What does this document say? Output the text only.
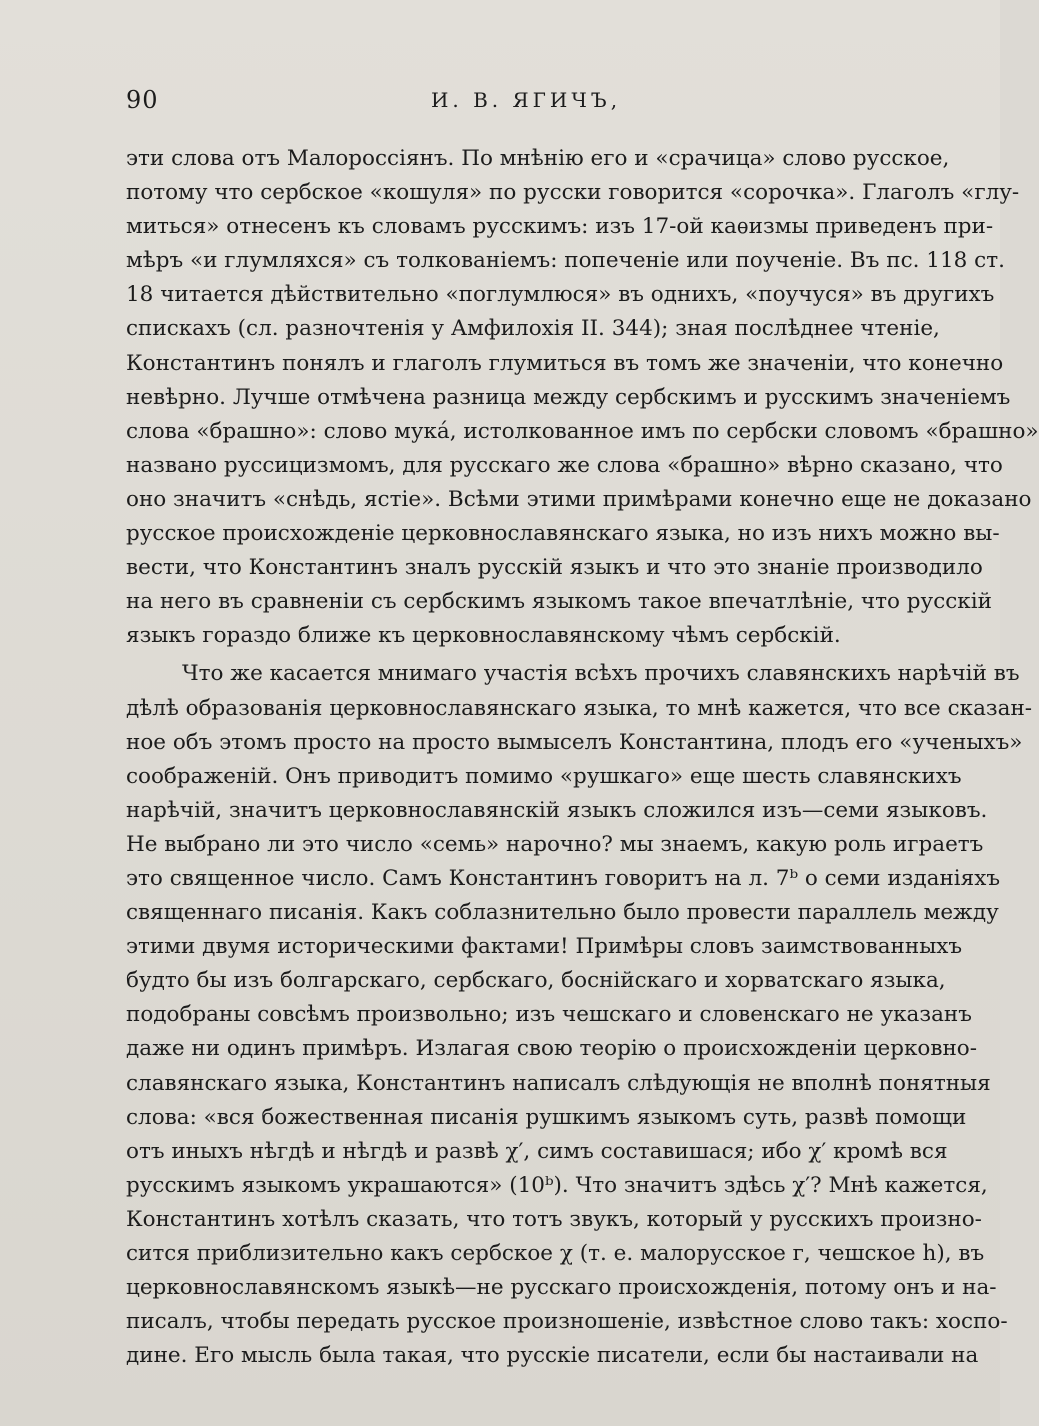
90	И. В. ЯГИЧЪ,
эти слова отъ Малороссіянъ. По мнѣнію его и «срачица» слово русское,
потому что сербское «кошуля» по русски говорится «сорочка». Глаголъ «глу-
миться» отнесенъ къ словамъ русскимъ: изъ 17-ой каѳизмы приведенъ при-
мѣръ «и глумляхся» съ толкованіемъ: попеченіе или поученіе. Въ пс. 118 ст.
18 читается дѣйствительно «поглумлюся» въ однихъ, «поучуся» въ другихъ
спискахъ (сл. разночтенія у Амфилохія II. 344); зная послѣднее чтеніе,
Константинъ понялъ и глаголъ глумиться въ томъ же значеніи, что конечно
невѣрно. Лучше отмѣчена разница между сербскимъ и русскимъ значеніемъ
слова «брашно»: слово мука́, истолкованное имъ по сербски словомъ «брашно»
названо руссицизмомъ, для русскаго же слова «брашно» вѣрно сказано, что
оно значитъ «снѣдь, ястіе». Всѣми этими примѣрами конечно еще не доказано
русское происхожденіе церковнославянскаго языка, но изъ нихъ можно вы-
вести, что Константинъ зналъ русскій языкъ и что это знаніе производило
на него въ сравненіи съ сербскимъ языкомъ такое впечатлѣніе, что русскій
языкъ гораздо ближе къ церковнославянскому чѣмъ сербскій.
Что же касается мнимаго участія всѣхъ прочихъ славянскихъ нарѣчій въ
дѣлѣ образованія церковнославянскаго языка, то мнѣ кажется, что все сказан-
ное объ этомъ просто на просто вымыселъ Константина, плодъ его «ученыхъ»
соображеній. Онъ приводитъ помимо «рушкаго» еще шесть славянскихъ
нарѣчій, значитъ церковнославянскій языкъ сложился изъ—семи языковъ.
Не выбрано ли это число «семь» нарочно? мы знаемъ, какую роль играетъ
это священное число. Самъ Константинъ говоритъ на л. 7ᵇ о семи изданіяхъ
священнаго писанія. Какъ соблазнительно было провести параллель между
этими двумя историческими фактами! Примѣры словъ заимствованныхъ
будто бы изъ болгарскаго, сербскаго, боснійскаго и хорватскаго языка,
подобраны совсѣмъ произвольно; изъ чешскаго и словенскаго не указанъ
даже ни одинъ примѣръ. Излагая свою теорію о происхожденіи церковно-
славянскаго языка, Константинъ написалъ слѣдующія не вполнѣ понятныя
слова: «вся божественная писанія рушкимъ языкомъ суть, развѣ помощи
отъ иныхъ нѣгдѣ и нѣгдѣ и развѣ χ′, симъ составишася; ибо χ′ кромѣ вся
русскимъ языкомъ украшаются» (10ᵇ). Что значитъ здѣсь χ′? Мнѣ кажется,
Константинъ хотѣлъ сказать, что тотъ звукъ, который у русскихъ произно-
сится приблизительно какъ сербское χ (т. е. малорусское г, чешское h), въ
церковнославянскомъ языкѣ—не русскаго происхожденія, потому онъ и на-
писалъ, чтобы передать русское произношеніе, извѣстное слово такъ: хоспо-
дине. Его мысль была такая, что русскіе писатели, если бы настаивали на
